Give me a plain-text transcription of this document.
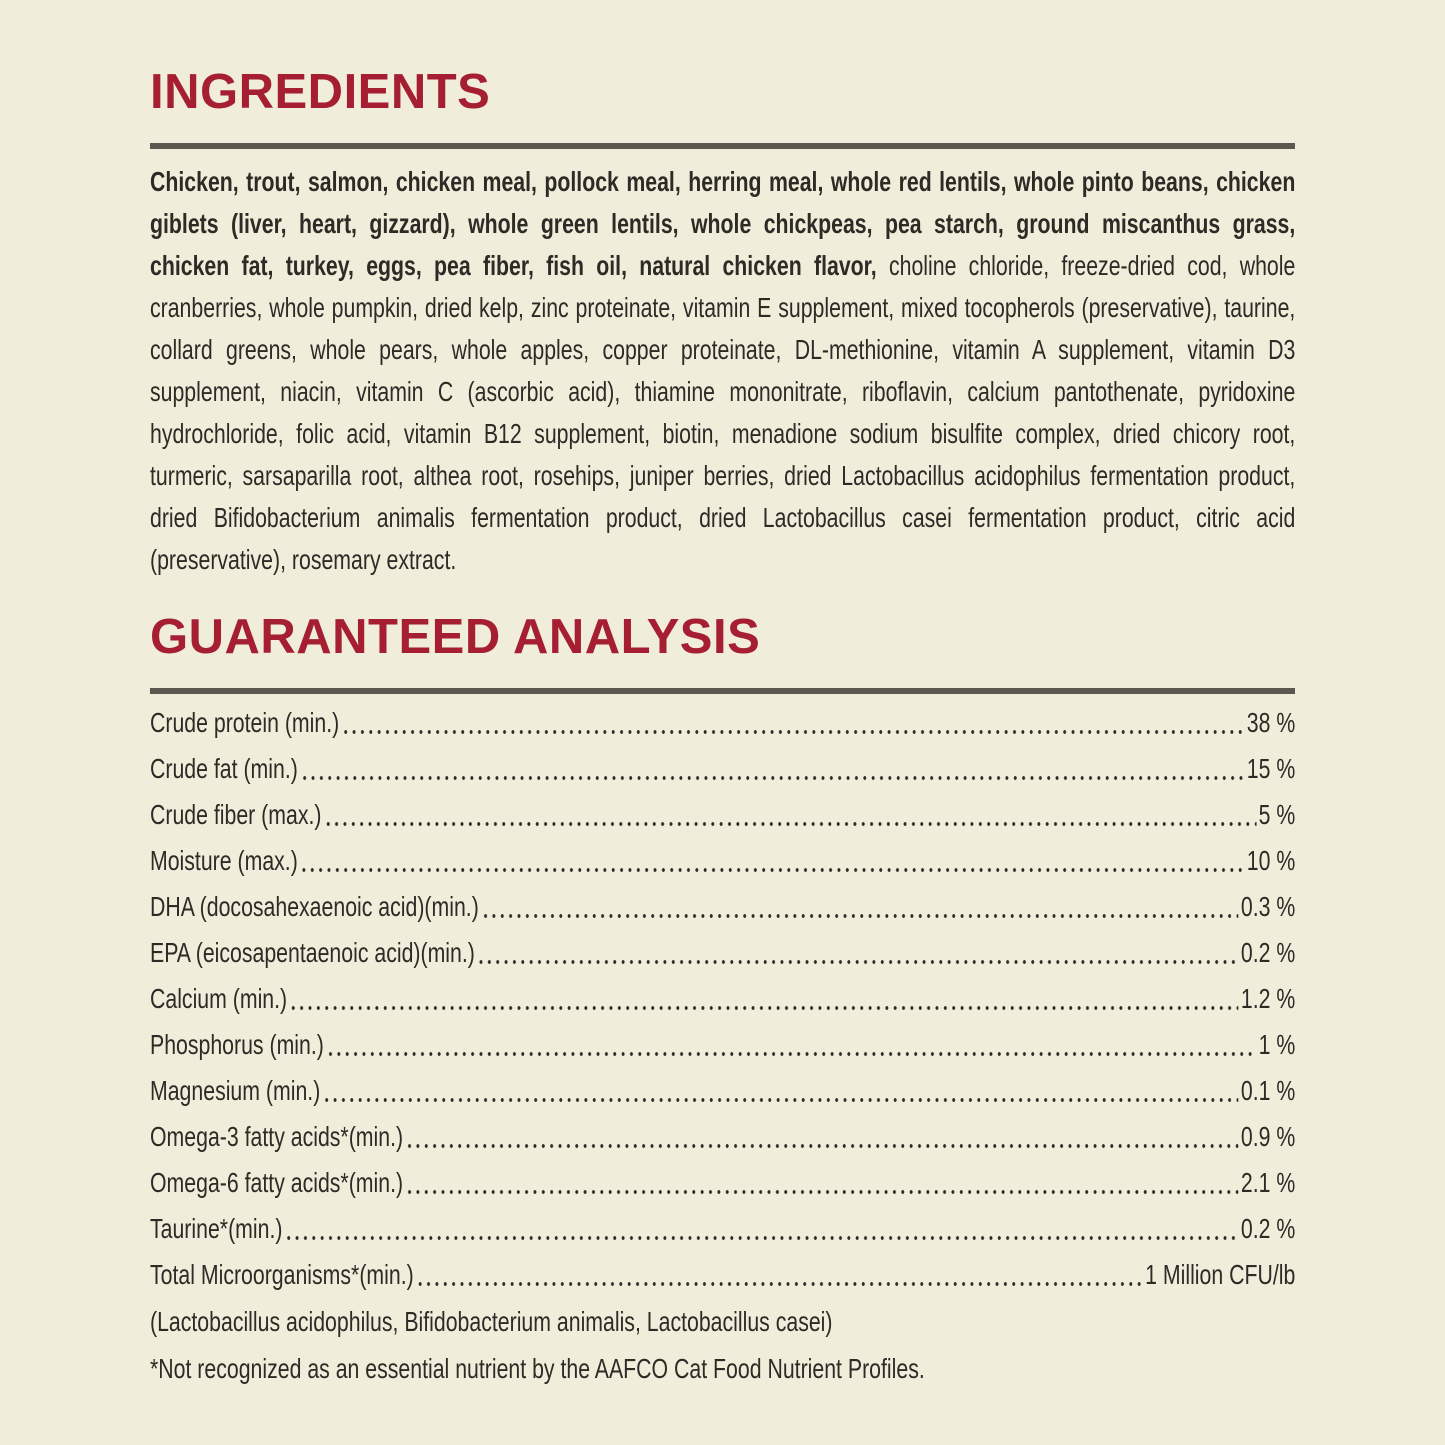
INGREDIENTS

Chicken, trout, salmon, chicken meal, pollock meal, herring meal, whole red lentils, whole pinto beans, chicken giblets (liver, heart, gizzard), whole green lentils, whole chickpeas, pea starch, ground miscanthus grass, chicken fat, turkey, eggs, pea fiber, fish oil, natural chicken flavor, choline chloride, freeze-dried cod, whole cranberries, whole pumpkin, dried kelp, zinc proteinate, vitamin E supplement, mixed tocopherols (preservative), taurine, collard greens, whole pears, whole apples, copper proteinate, DL-methionine, vitamin A supplement, vitamin D3 supplement, niacin, vitamin C (ascorbic acid), thiamine mononitrate, riboflavin, calcium pantothenate, pyridoxine hydrochloride, folic acid, vitamin B12 supplement, biotin, menadione sodium bisulfite complex, dried chicory root, turmeric, sarsaparilla root, althea root, rosehips, juniper berries, dried Lactobacillus acidophilus fermentation product, dried Bifidobacterium animalis fermentation product, dried Lactobacillus casei fermentation product, citric acid (preservative), rosemary extract.

GUARANTEED ANALYSIS
Crude protein (min.)	38 %
Crude fat (min.)	15 %
Crude fiber (max.)	5 %
Moisture (max.)	10 %
DHA (docosahexaenoic acid)(min.)	0.3 %
EPA (eicosapentaenoic acid)(min.)	0.2 %
Calcium (min.)	1.2 %
Phosphorus (min.)	1 %
Magnesium (min.)	0.1 %
Omega-3 fatty acids*(min.)	0.9 %
Omega-6 fatty acids*(min.)	2.1 %
Taurine*(min.)	0.2 %
Total Microorganisms*(min.)	1 Million CFU/lb
(Lactobacillus acidophilus, Bifidobacterium animalis, Lactobacillus casei)
*Not recognized as an essential nutrient by the AAFCO Cat Food Nutrient Profiles.
